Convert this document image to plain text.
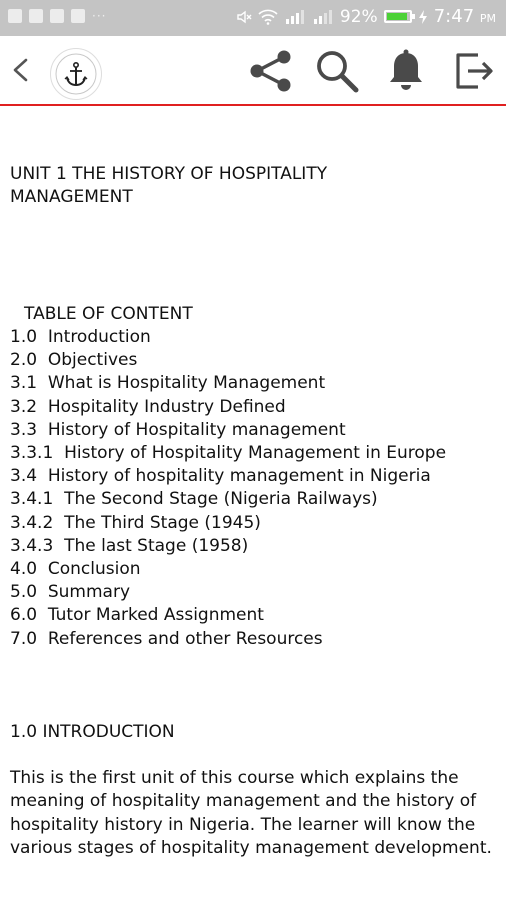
···	92%	7:47 PM
UNIT 1 THE HISTORY OF HOSPITALITY MANAGEMENT
TABLE OF CONTENT
1.0 Introduction
2.0 Objectives
3.1 What is Hospitality Management
3.2 Hospitality Industry Defined
3.3 History of Hospitality management
3.3.1 History of Hospitality Management in Europe
3.4 History of hospitality management in Nigeria
3.4.1 The Second Stage (Nigeria Railways)
3.4.2 The Third Stage (1945)
3.4.3 The last Stage (1958)
4.0 Conclusion
5.0 Summary
6.0 Tutor Marked Assignment
7.0 References and other Resources
1.0 INTRODUCTION

This is the first unit of this course which explains the meaning of hospitality management and the history of hospitality history in Nigeria. The learner will know the various stages of hospitality management development.
